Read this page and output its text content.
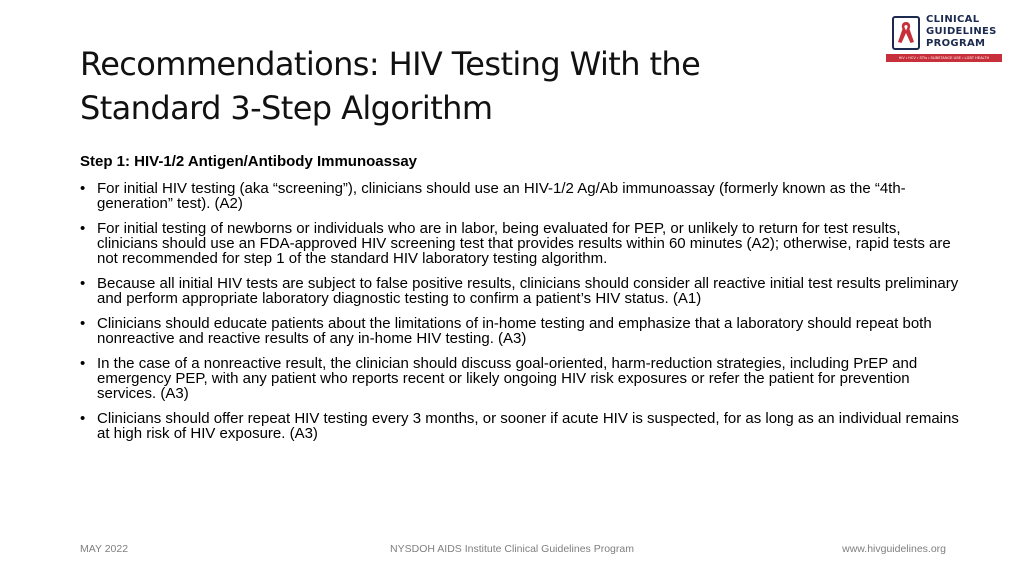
Recommendations: HIV Testing With the
Standard 3-Step Algorithm
CLINICAL
GUIDELINES
PROGRAM
HIV • HCV • STIs • SUBSTANCE USE • LGBT HEALTH
Step 1: HIV-1/2 Antigen/Antibody Immunoassay
• For initial HIV testing (aka “screening”), clinicians should use an HIV-1/2 Ag/Ab immunoassay (formerly known as the “4th-generation” test). (A2)
• For initial testing of newborns or individuals who are in labor, being evaluated for PEP, or unlikely to return for test results, clinicians should use an FDA-approved HIV screening test that provides results within 60 minutes (A2); otherwise, rapid tests are not recommended for step 1 of the standard HIV laboratory testing algorithm.
• Because all initial HIV tests are subject to false positive results, clinicians should consider all reactive initial test results preliminary and perform appropriate laboratory diagnostic testing to confirm a patient’s HIV status. (A1)
• Clinicians should educate patients about the limitations of in-home testing and emphasize that a laboratory should repeat both nonreactive and reactive results of any in-home HIV testing. (A3)
• In the case of a nonreactive result, the clinician should discuss goal-oriented, harm-reduction strategies, including PrEP and emergency PEP, with any patient who reports recent or likely ongoing HIV risk exposures or refer the patient for prevention services. (A3)
• Clinicians should offer repeat HIV testing every 3 months, or sooner if acute HIV is suspected, for as long as an individual remains at high risk of HIV exposure. (A3)
NYSDOH AIDS Institute Clinical Guidelines Program
MAY 2022	www.hivguidelines.org
